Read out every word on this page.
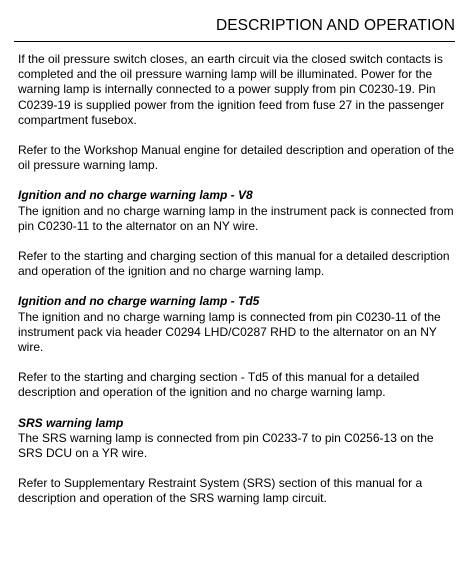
DESCRIPTION AND OPERATION

If the oil pressure switch closes, an earth circuit via the closed switch contacts is completed and the oil pressure warning lamp will be illuminated. Power for the warning lamp is internally connected to a power supply from pin C0230-19. Pin C0239-19 is supplied power from the ignition feed from fuse 27 in the passenger compartment fusebox.

Refer to the Workshop Manual engine for detailed description and operation of the oil pressure warning lamp.

Ignition and no charge warning lamp - V8

The ignition and no charge warning lamp in the instrument pack is connected from pin C0230-11 to the alternator on an NY wire.

Refer to the starting and charging section of this manual for a detailed description and operation of the ignition and no charge warning lamp.

Ignition and no charge warning lamp - Td5

The ignition and no charge warning lamp is connected from pin C0230-11 of the instrument pack via header C0294 LHD/C0287 RHD to the alternator on an NY wire.

Refer to the starting and charging section - Td5 of this manual for a detailed description and operation of the ignition and no charge warning lamp.

SRS warning lamp

The SRS warning lamp is connected from pin C0233-7 to pin C0256-13 on the SRS DCU on a YR wire.

Refer to Supplementary Restraint System (SRS) section of this manual for a description and operation of the SRS warning lamp circuit.
